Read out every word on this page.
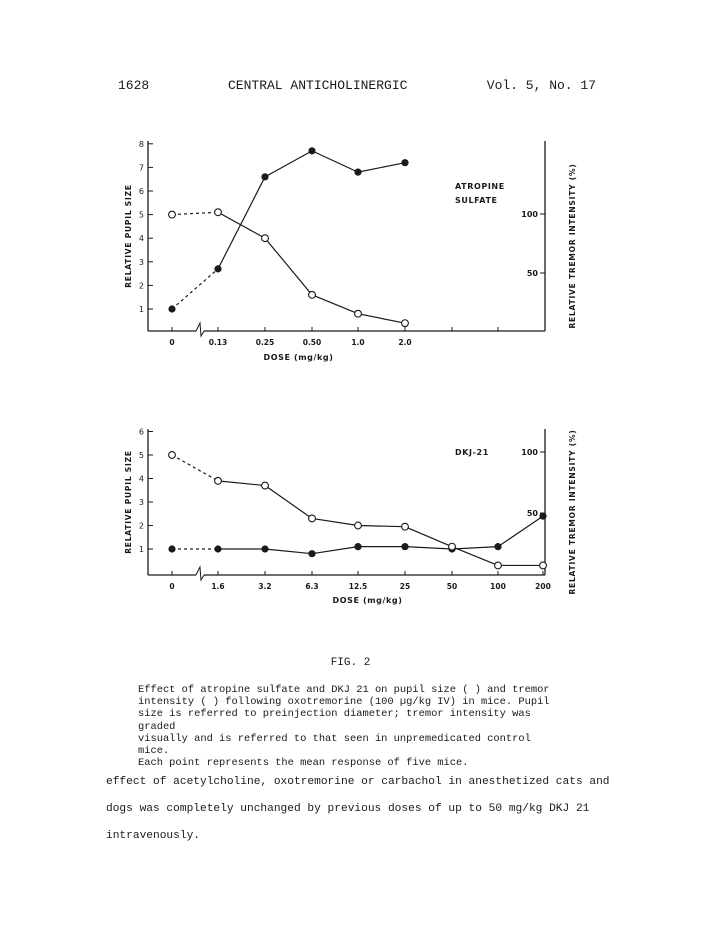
1628	CENTRAL ANTICHOLINERGIC	Vol. 5, No. 17
1
2
3
4
5
6
7
8
RELATIVE PUPIL SIZE
0	0.13	0.25	0.50	1.0	2.0
DOSE (mg/kg)
50
100	RELATIVE TREMOR INTENSITY (%)
ATROPINE
SULFATE
1
2
3
4
5
6
RELATIVE PUPIL SIZE
0	1.6	3.2	6.3	12.5	25	50	100	200
DOSE (mg/kg)
50
100	RELATIVE TREMOR INTENSITY (%)
DKJ-21
FIG. 2
Effect of atropine sulfate and DKJ 21 on pupil size ( ) and tremor
intensity ( ) following oxotremorine (100 µg/kg IV) in mice. Pupil
size is referred to preinjection diameter; tremor intensity was graded
visually and is referred to that seen in unpremedicated control mice.
Each point represents the mean response of five mice.
effect of acetylcholine, oxotremorine or carbachol in anesthetized cats and
dogs was completely unchanged by previous doses of up to 50 mg/kg DKJ 21
intravenously.
